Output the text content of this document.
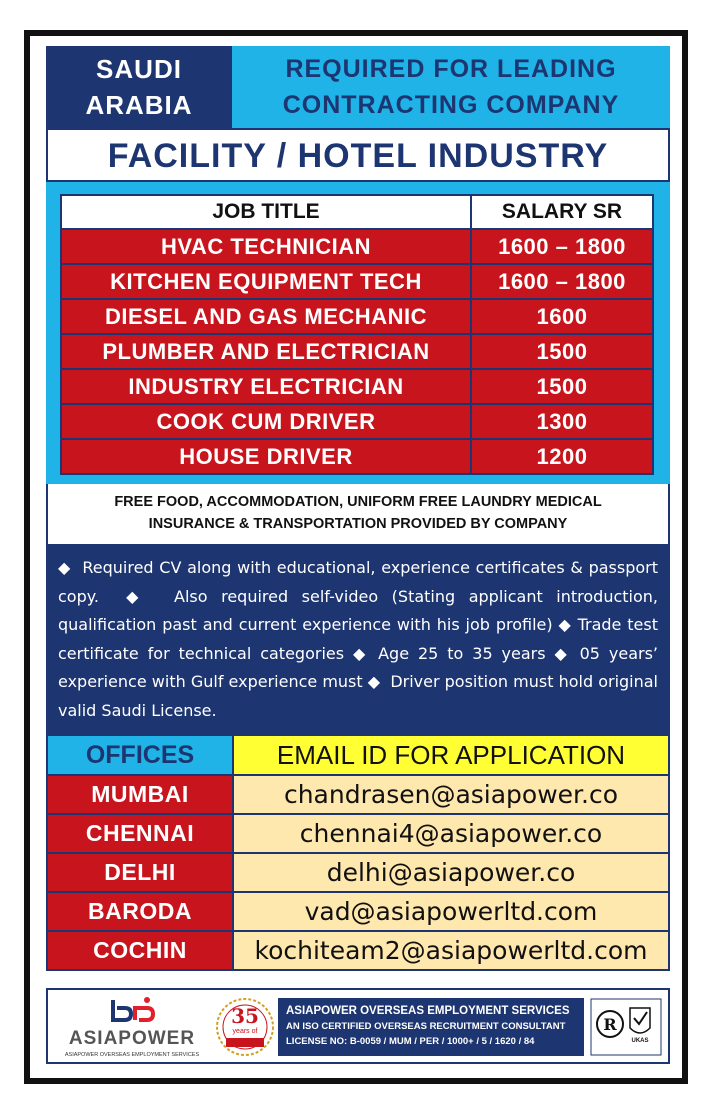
SAUDI
ARABIA
REQUIRED FOR LEADING
CONTRACTING COMPANY
FACILITY / HOTEL INDUSTRY
JOB TITLE	SALARY SR
HVAC TECHNICIAN	1600 – 1800
KITCHEN EQUIPMENT TECH	1600 – 1800
DIESEL AND GAS MECHANIC	1600
PLUMBER AND ELECTRICIAN	1500
INDUSTRY ELECTRICIAN	1500
COOK CUM DRIVER	1300
HOUSE DRIVER	1200
FREE FOOD, ACCOMMODATION, UNIFORM FREE LAUNDRY MEDICAL
INSURANCE & TRANSPORTATION PROVIDED BY COMPANY
◆ Required CV along with educational, experience certificates & passport copy. ◆ Also required self-video (Stating applicant introduction, qualification past and current experience with his job profile) ◆ Trade test certificate for technical categories ◆ Age 25 to 35 years ◆ 05 years’ experience with Gulf experience must ◆ Driver position must hold original valid Saudi License.
OFFICES	EMAIL ID FOR APPLICATION
MUMBAI	chandrasen@asiapower.co
CHENNAI	chennai4@asiapower.co
DELHI	delhi@asiapower.co
BARODA	vad@asiapowerltd.com
COCHIN	kochiteam2@asiapowerltd.com
ASIAPOWER
ASIAPOWER OVERSEAS EMPLOYMENT SERVICES
35
years of
ASIAPOWER OVERSEAS EMPLOYMENT SERVICES
AN ISO CERTIFIED OVERSEAS RECRUITMENT CONSULTANT
LICENSE NO: B-0059 / MUM / PER / 1000+ / 5 / 1620 / 84
R
UKAS
